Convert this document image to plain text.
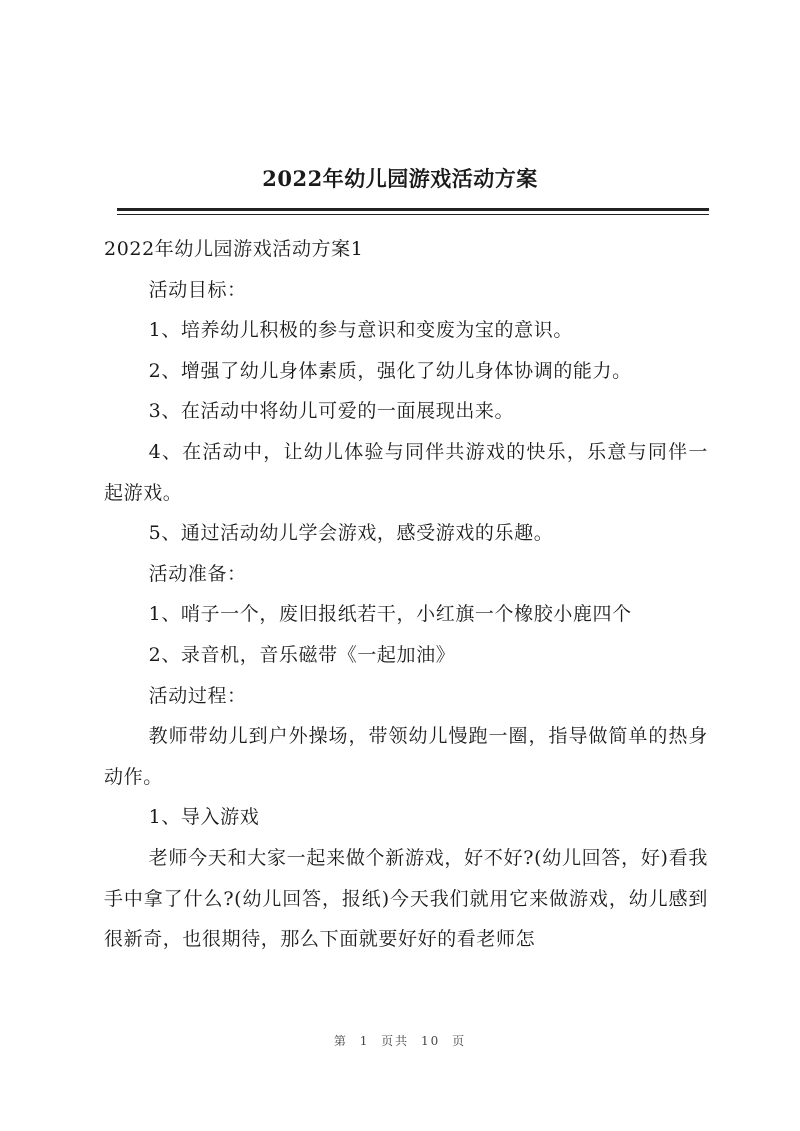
2022年幼儿园游戏活动方案

2022年幼儿园游戏活动方案1

活动目标：

1、培养幼儿积极的参与意识和变废为宝的意识。

2、增强了幼儿身体素质，强化了幼儿身体协调的能力。

3、在活动中将幼儿可爱的一面展现出来。

4、在活动中，让幼儿体验与同伴共游戏的快乐，乐意与同伴一起游戏。

5、通过活动幼儿学会游戏，感受游戏的乐趣。

活动准备：

1、哨子一个，废旧报纸若干，小红旗一个橡胶小鹿四个

2、录音机，音乐磁带《一起加油》

活动过程：

教师带幼儿到户外操场，带领幼儿慢跑一圈，指导做简单的热身动作。

1、导入游戏

老师今天和大家一起来做个新游戏，好不好?(幼儿回答，好)看我手中拿了什么?(幼儿回答，报纸)今天我们就用它来做游戏，幼儿感到很新奇，也很期待，那么下面就要好好的看老师怎

第 1 页共 10 页
